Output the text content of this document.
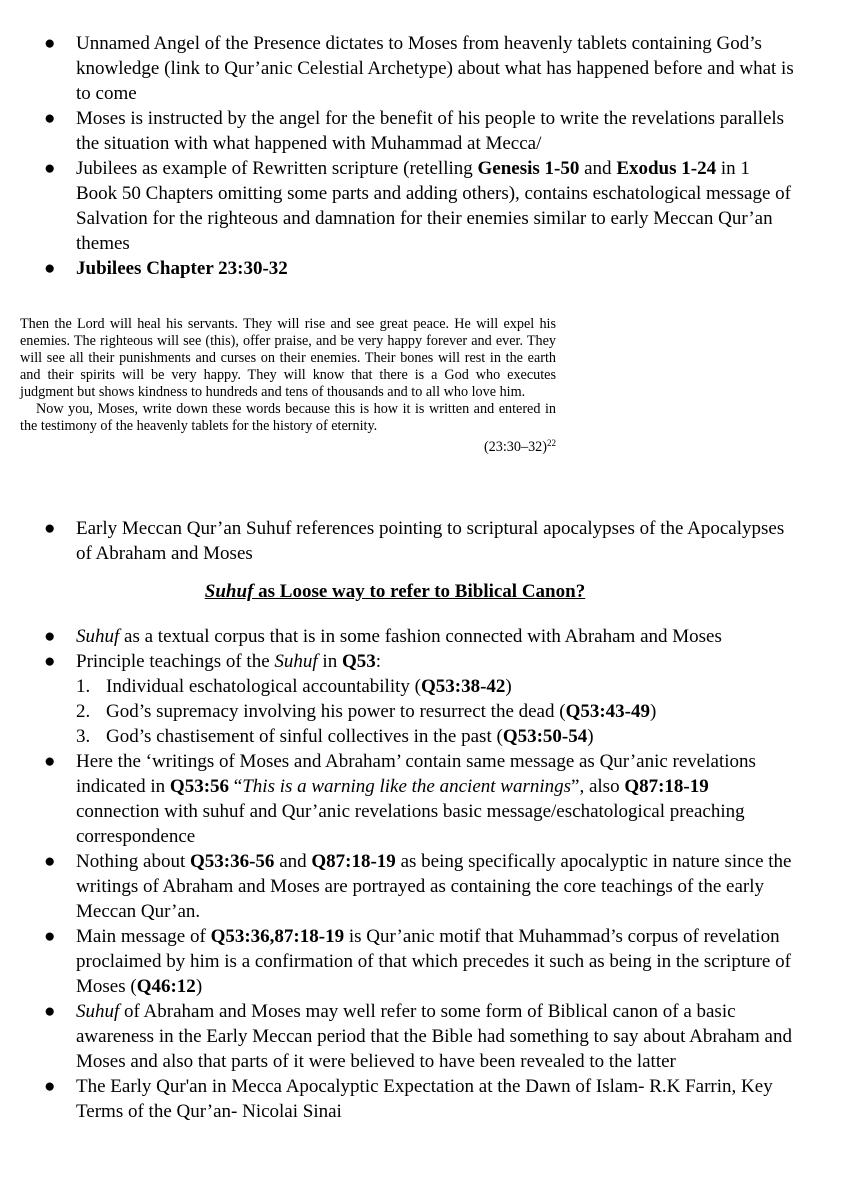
● Unnamed Angel of the Presence dictates to Moses from heavenly tablets containing God’s knowledge (link to Qur’anic Celestial Archetype) about what has happened before and what is to come
● Moses is instructed by the angel for the benefit of his people to write the revelations parallels the situation with what happened with Muhammad at Mecca/
● Jubilees as example of Rewritten scripture (retelling Genesis 1-50 and Exodus 1-24 in 1 Book 50 Chapters omitting some parts and adding others), contains eschatological message of Salvation for the righteous and damnation for their enemies similar to early Meccan Qur’an themes
● Jubilees Chapter 23:30-32

Then the Lord will heal his servants. They will rise and see great peace. He will expel his enemies. The righteous will see (this), offer praise, and be very happy forever and ever. They will see all their punishments and curses on their enemies. Their bones will rest in the earth and their spirits will be very happy. They will know that there is a God who executes judgment but shows kindness to hundreds and tens of thousands and to all who love him.

Now you, Moses, write down these words because this is how it is written and entered in the testimony of the heavenly tablets for the history of eternity.

(23:30–32)$^{22}$

● Early Meccan Qur’an Suhuf references pointing to scriptural apocalypses of the Apocalypses of Abraham and Moses
Suhuf as Loose way to refer to Biblical Canon?
● Suhuf as a textual corpus that is in some fashion connected with Abraham and Moses
● Principle teachings of the Suhuf in Q53:
1. Individual eschatological accountability (Q53:38-42)
2. God’s supremacy involving his power to resurrect the dead (Q53:43-49)
3. God’s chastisement of sinful collectives in the past (Q53:50-54)
● Here the ‘writings of Moses and Abraham’ contain same message as Qur’anic revelations indicated in Q53:56 “This is a warning like the ancient warnings”, also Q87:18-19 connection with suhuf and Qur’anic revelations basic message/eschatological preaching correspondence
● Nothing about Q53:36-56 and Q87:18-19 as being specifically apocalyptic in nature since the writings of Abraham and Moses are portrayed as containing the core teachings of the early Meccan Qur’an.
● Main message of Q53:36,87:18-19 is Qur’anic motif that Muhammad’s corpus of revelation proclaimed by him is a confirmation of that which precedes it such as being in the scripture of Moses (Q46:12)
● Suhuf of Abraham and Moses may well refer to some form of Biblical canon of a basic awareness in the Early Meccan period that the Bible had something to say about Abraham and Moses and also that parts of it were believed to have been revealed to the latter
● The Early Qur'an in Mecca Apocalyptic Expectation at the Dawn of Islam- R.K Farrin, Key Terms of the Qur’an- Nicolai Sinai
